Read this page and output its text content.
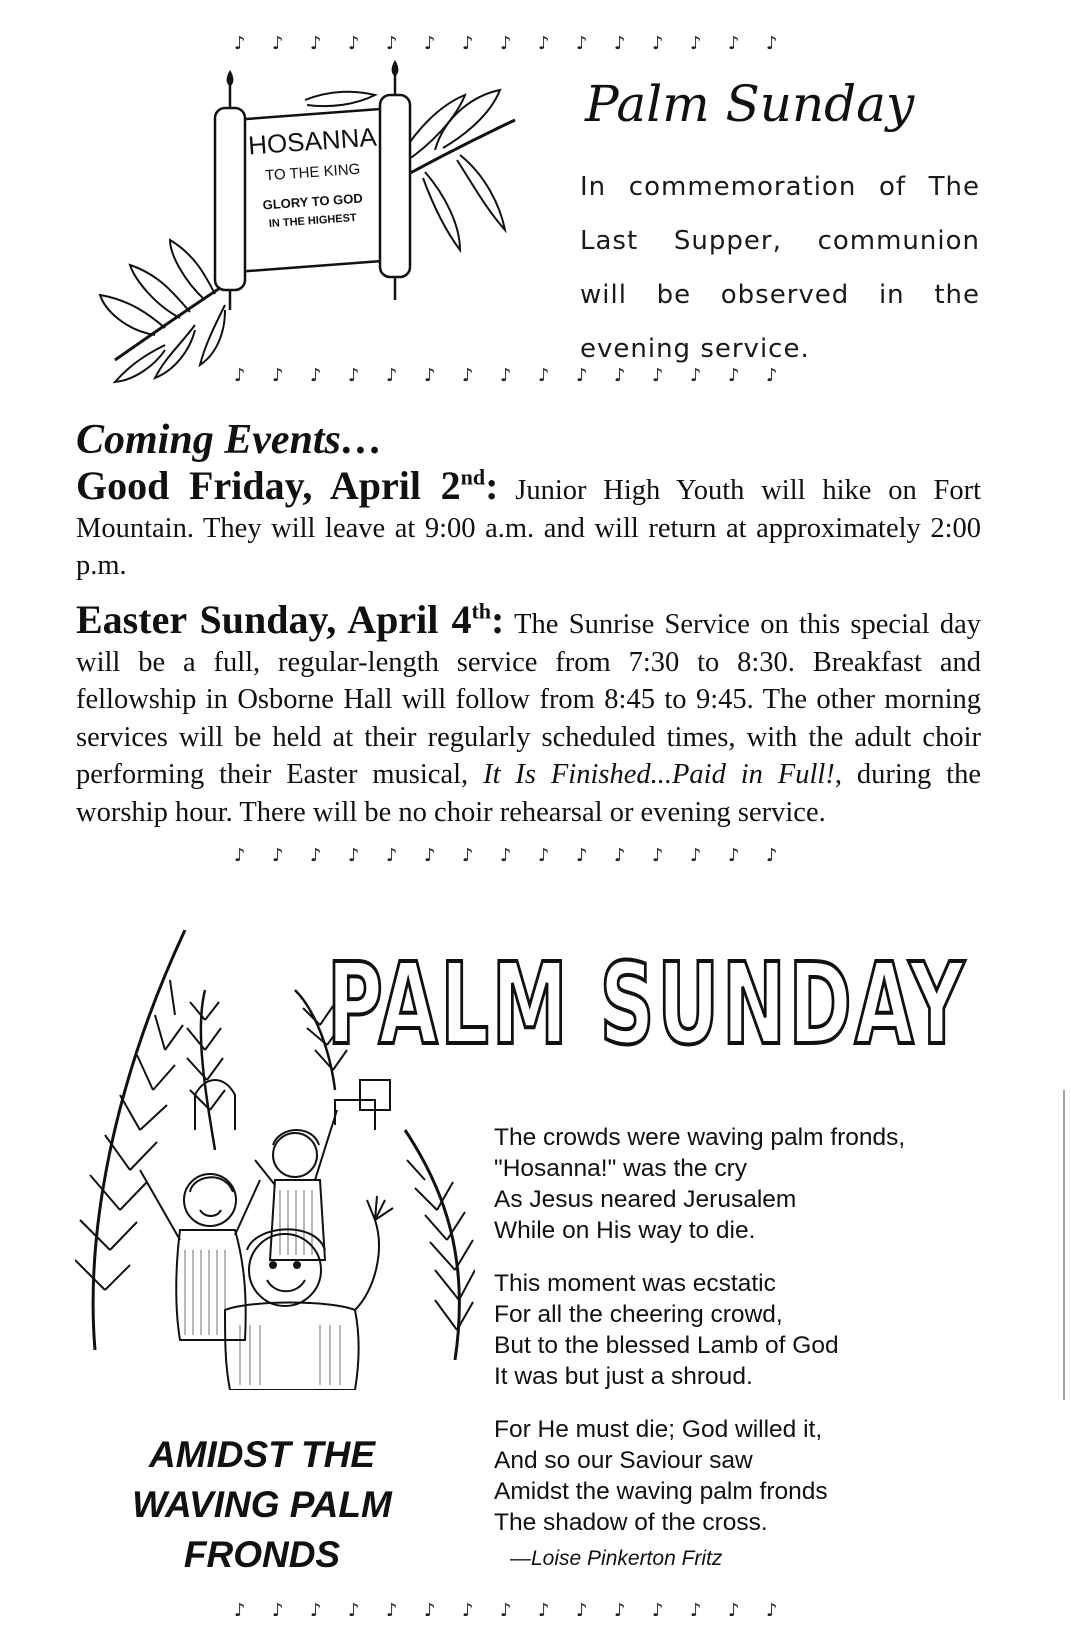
♪ ♪ ♪ ♪ ♪ ♪ ♪ ♪ ♪ ♪ ♪ ♪ ♪ ♪ ♪
♪ ♪ ♪ ♪ ♪ ♪ ♪ ♪ ♪ ♪ ♪ ♪ ♪ ♪ ♪
♪ ♪ ♪ ♪ ♪ ♪ ♪ ♪ ♪ ♪ ♪ ♪ ♪ ♪ ♪
♪ ♪ ♪ ♪ ♪ ♪ ♪ ♪ ♪ ♪ ♪ ♪ ♪ ♪ ♪
HOSANNA
TO THE KING
GLORY TO GOD
IN THE HIGHEST
Palm Sunday
In commemoration of The Last Supper, communion will be observed in the evening service.
Coming Events…
Good Friday, April 2nd: Junior High Youth will hike on Fort Mountain. They will leave at 9:00 a.m. and will return at approximately 2:00 p.m.
Easter Sunday, April 4th: The Sunrise Service on this special day will be a full, regular-length service from 7:30 to 8:30. Breakfast and fellowship in Osborne Hall will follow from 8:45 to 9:45. The other morning services will be held at their regularly scheduled times, with the adult choir performing their Easter musical, It Is Finished...Paid in Full!, during the worship hour. There will be no choir rehearsal or evening service.
PALM SUNDAY
The crowds were waving palm fronds,
"Hosanna!" was the cry
As Jesus neared Jerusalem
While on His way to die.
This moment was ecstatic
For all the cheering crowd,
But to the blessed Lamb of God
It was but just a shroud.
For He must die; God willed it,
And so our Saviour saw
Amidst the waving palm fronds
The shadow of the cross.
—Loise Pinkerton Fritz
AMIDST THE
WAVING PALM
FRONDS
